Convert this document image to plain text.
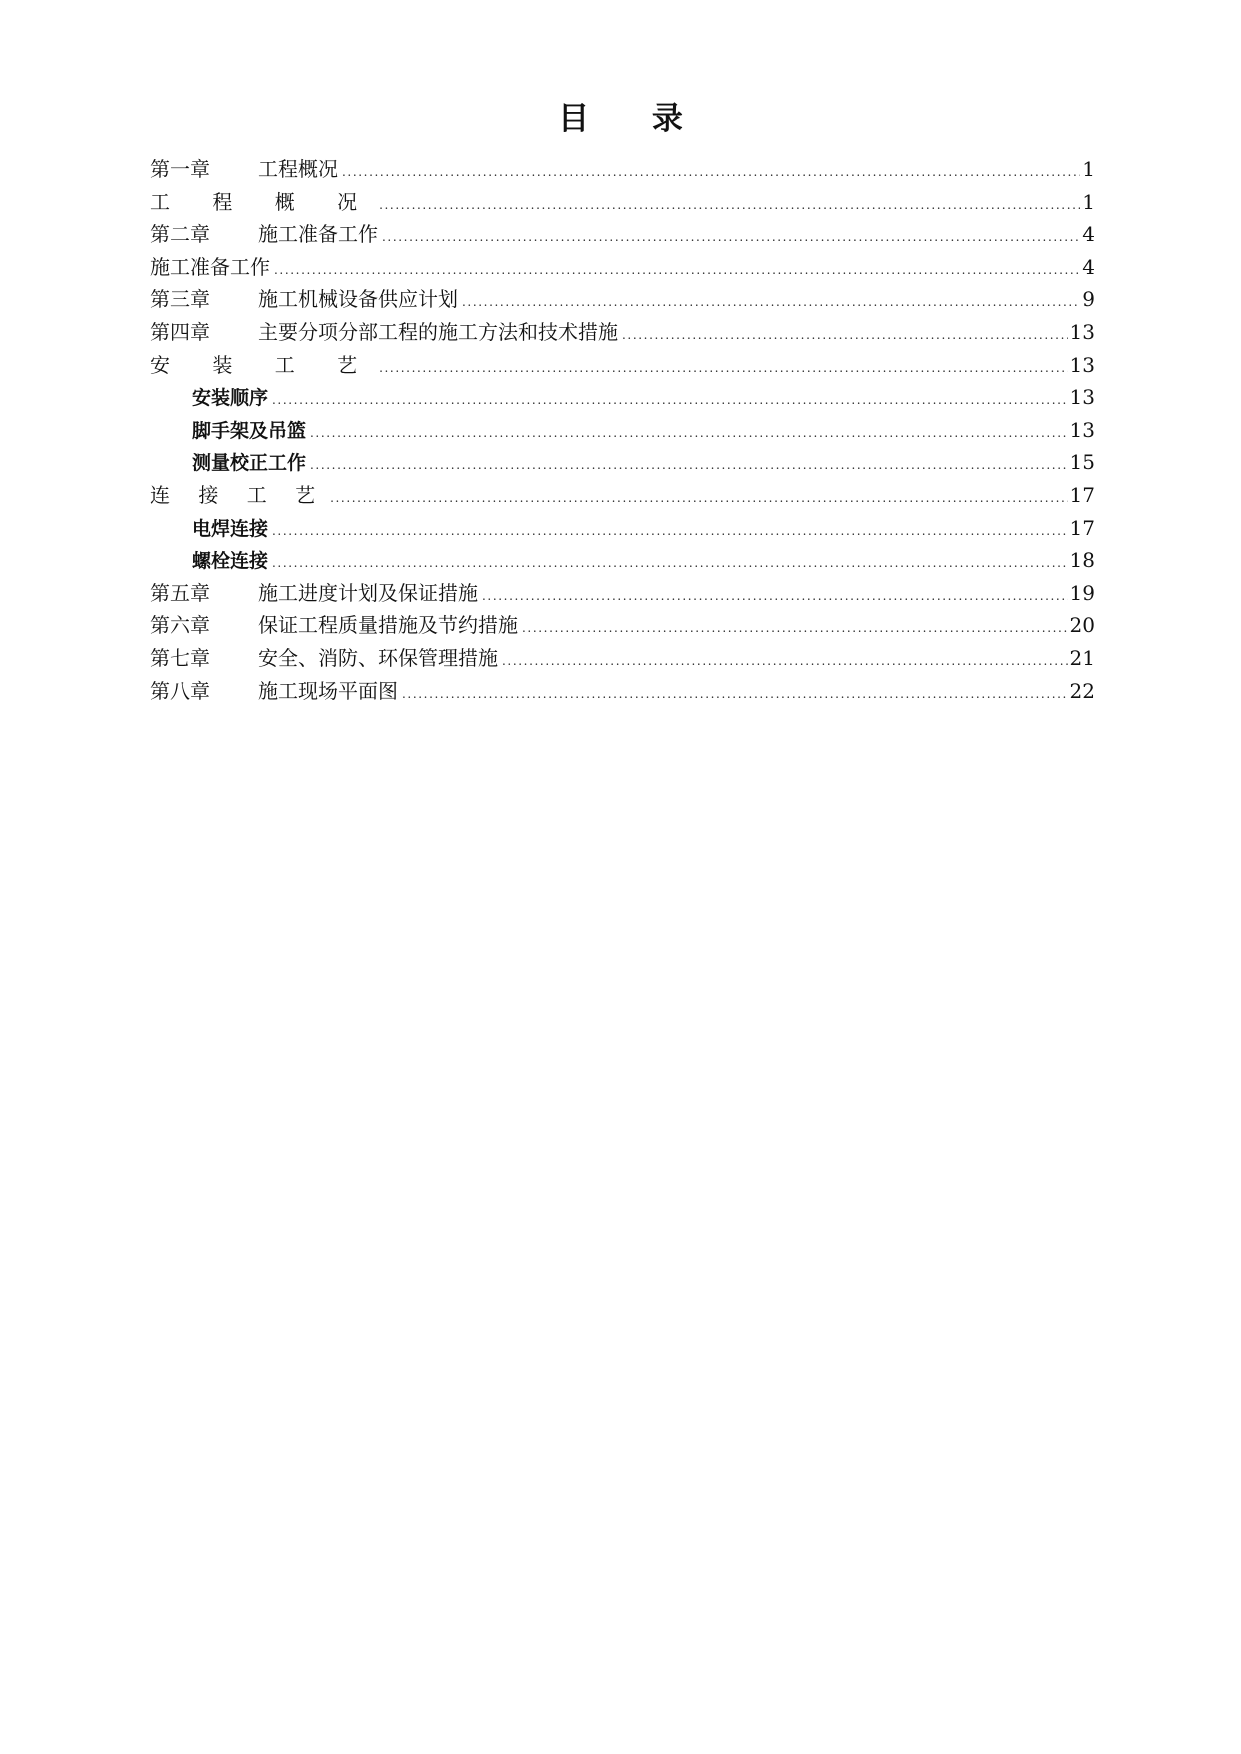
目 录
第一章	工程概况 .....	1
工 程 概 况 .....	1
第二章	施工准备工作 .....	4
施工准备工作 .....	4
第三章	施工机械设备供应计划 .....	9
第四章	主要分项分部工程的施工方法和技术措施 .....	13
安 装 工 艺 .....	13
安装顺序 .....	13
脚手架及吊篮 .....	13
测量校正工作 .....	15
连 接 工 艺 .....	17
电焊连接 .....	17
螺栓连接 .....	18
第五章	施工进度计划及保证措施 .....	19
第六章	保证工程质量措施及节约措施 .....	20
第七章	安全、消防、环保管理措施 .....	21
第八章	施工现场平面图 .....	22
